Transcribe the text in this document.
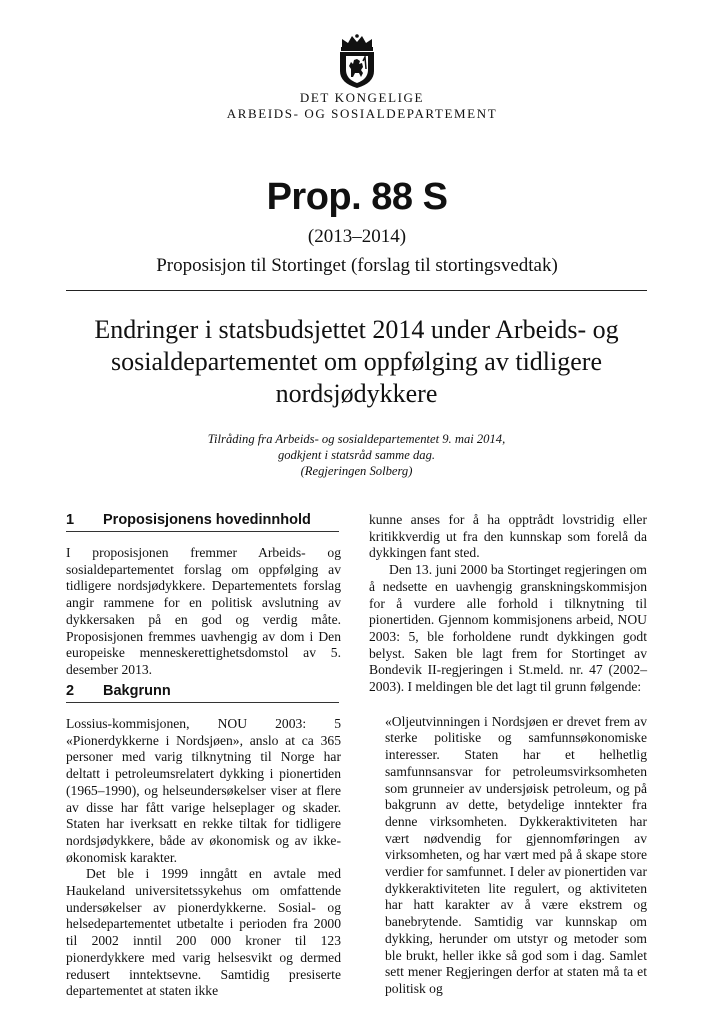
DET KONGELIGE
ARBEIDS- OG SOSIALDEPARTEMENT
Prop. 88 S
(2013–2014)
Proposisjon til Stortinget (forslag til stortingsvedtak)
Endringer i statsbudsjettet 2014 under Arbeids- og sosialdepartementet om oppfølging av tidligere nordsjødykkere
Tilråding fra Arbeids- og sosialdepartementet 9. mai 2014,
godkjent i statsråd samme dag.
(Regjeringen Solberg)
1 Proposisjonens hovedinnhold

I proposisjonen fremmer Arbeids- og sosialdepartementet forslag om oppfølging av tidligere nordsjødykkere. Departementets forslag angir rammene for en politisk avslutning av dykkersaken på en god og verdig måte. Proposisjonen fremmes uavhengig av dom i Den europeiske menneskerettighetsdomstol av 5. desember 2013.

2 Bakgrunn

Lossius-kommisjonen, NOU 2003: 5 «Pionerdykkerne i Nordsjøen», anslo at ca 365 personer med varig tilknytning til Norge har deltatt i petroleumsrelatert dykking i pionertiden (1965–1990), og helseundersøkelser viser at flere av disse har fått varige helseplager og skader. Staten har iverksatt en rekke tiltak for tidligere nordsjødykkere, både av økonomisk og av ikke-økonomisk karakter.

Det ble i 1999 inngått en avtale med Haukeland universitetssykehus om omfattende undersøkelser av pionerdykkerne. Sosial- og helsedepartementet utbetalte i perioden fra 2000 til 2002 inntil 200 000 kroner til 123 pionerdykkere med varig helsesvikt og dermed redusert inntektsevne. Samtidig presiserte departementet at staten ikke

kunne anses for å ha opptrådt lovstridig eller kritikkverdig ut fra den kunnskap som forelå da dykkingen fant sted.

Den 13. juni 2000 ba Stortinget regjeringen om å nedsette en uavhengig granskningskommisjon for å vurdere alle forhold i tilknytning til pionertiden. Gjennom kommisjonens arbeid, NOU 2003: 5, ble forholdene rundt dykkingen godt belyst. Saken ble lagt frem for Stortinget av Bondevik II-regjeringen i St.meld. nr. 47 (2002–2003). I meldingen ble det lagt til grunn følgende:

«Oljeutvinningen i Nordsjøen er drevet frem av sterke politiske og samfunnsøkonomiske interesser. Staten har et helhetlig samfunnsansvar for petroleumsvirksomheten som grunneier av undersjøisk petroleum, og på bakgrunn av dette, betydelige inntekter fra denne virksomheten. Dykkeraktiviteten har vært nødvendig for gjennomføringen av virksomheten, og har vært med på å skape store verdier for samfunnet. I deler av pionertiden var dykkeraktiviteten lite regulert, og aktiviteten har hatt karakter av å være ekstrem og banebrytende. Samtidig var kunnskap om dykking, herunder om utstyr og metoder som ble brukt, heller ikke så god som i dag. Samlet sett mener Regjeringen derfor at staten må ta et politisk og
